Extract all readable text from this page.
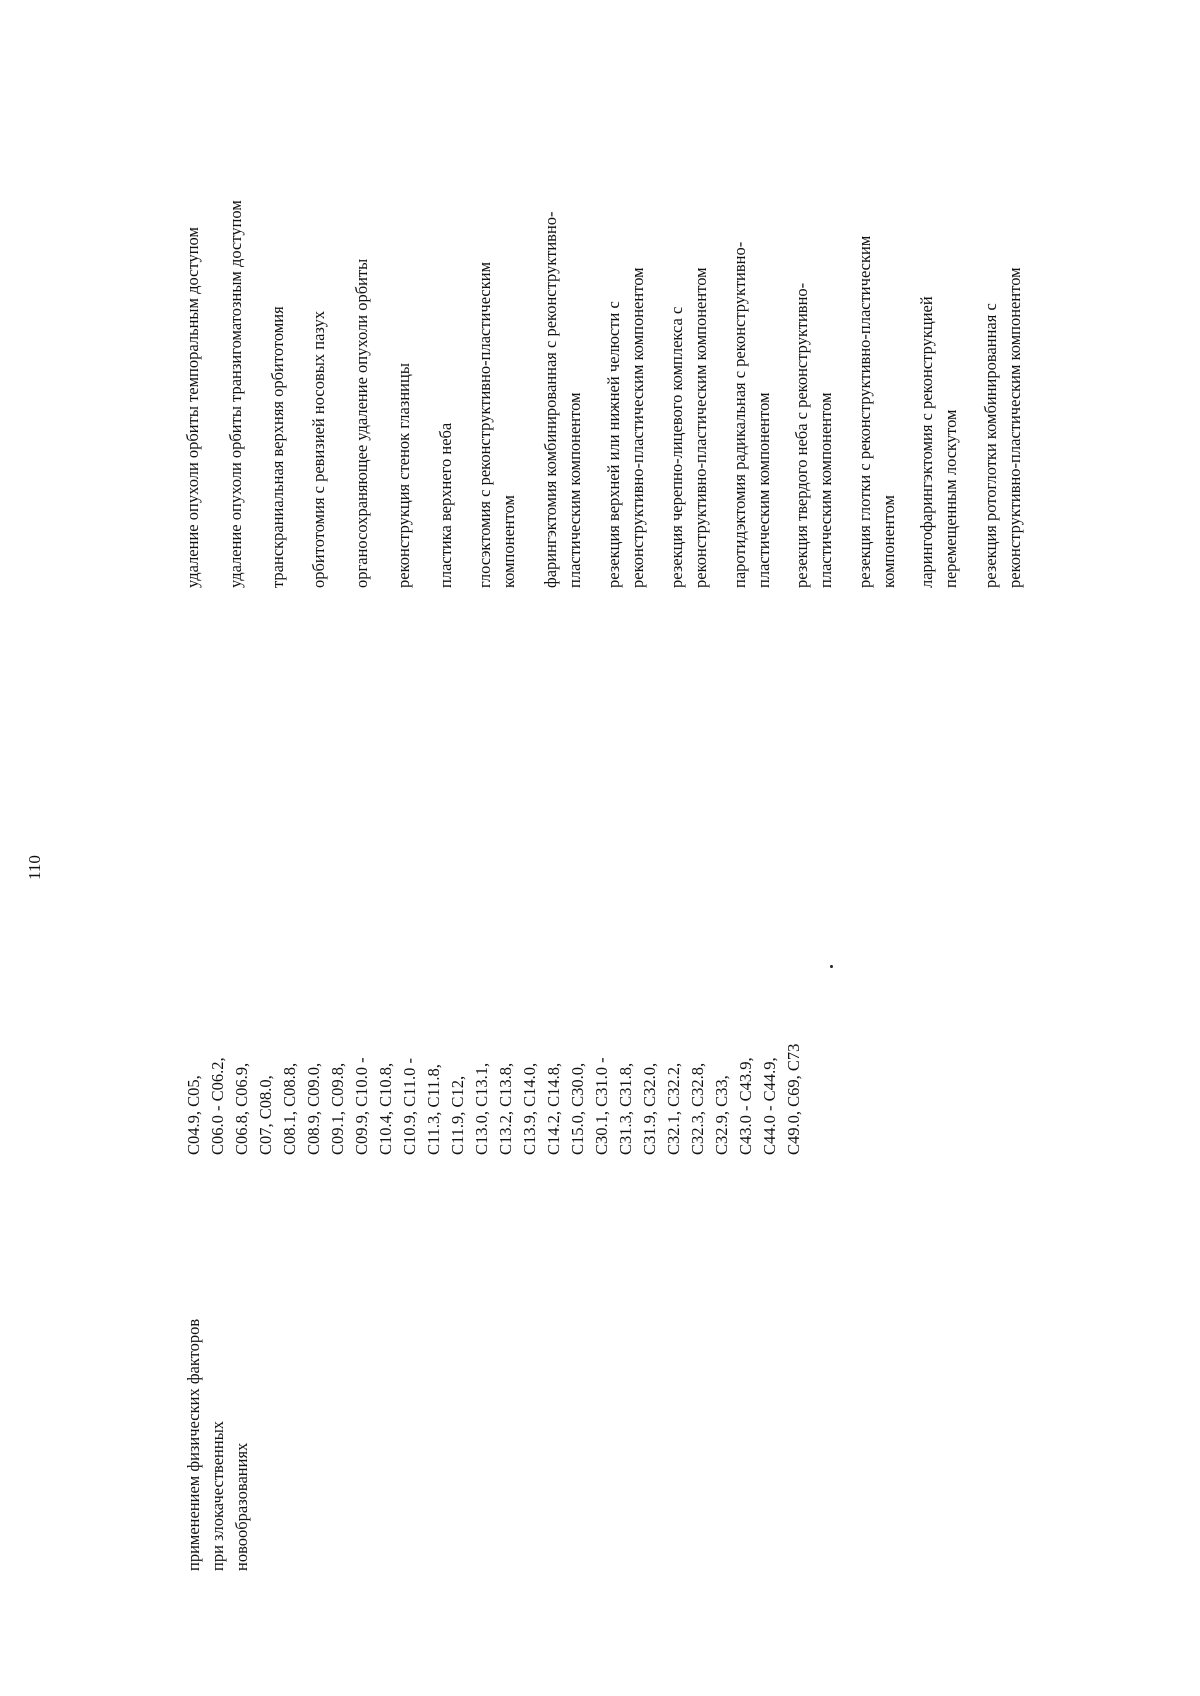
применением физических факторов при злокачественных новообразованиях
C04.9, C05, C06.0 - C06.2, C06.8, C06.9, C07, C08.0, C08.1, C08.8, C08.9, C09.0, C09.1, C09.8, C09.9, C10.0 - C10.4, C10.8, C10.9, C11.0 - C11.3, C11.8, C11.9, C12, C13.0, C13.1, C13.2, C13.8, C13.9, C14.0, C14.2, C14.8, C15.0, C30.0, C30.1, C31.0 - C31.3, C31.8, C31.9, C32.0, C32.1, C32.2, C32.3, C32.8, C32.9, C33, C43.0 - C43.9, C44.0 - C44.9, C49.0, C69, C73
удаление опухоли орбиты темпоральным доступом удаление опухоли орбиты транзигоматозным доступом транскраниальная верхняя орбитотомия орбитотомия с ревизией носовых пазух органосохраняющее удаление опухоли орбиты реконструкция стенок глазницы пластика верхнего неба глосэктомия с реконструктивно-пластическим компонентом фарингэктомия комбинированная с реконструктивно- пластическим компонентом резекция верхней или нижней челюсти с реконструктивно-пластическим компонентом резекция черепно-лицевого комплекса с реконструктивно-пластическим компонентом паротидэктомия радикальная с реконструктивно- пластическим компонентом резекция твердого неба с реконструктивно- пластическим компонентом резекция глотки с реконструктивно-пластическим компонентом ларингофарингэктомия с реконструкцией перемещенным лоскутом резекция ротоглотки комбинированная с реконструктивно-пластическим компонентом
110
